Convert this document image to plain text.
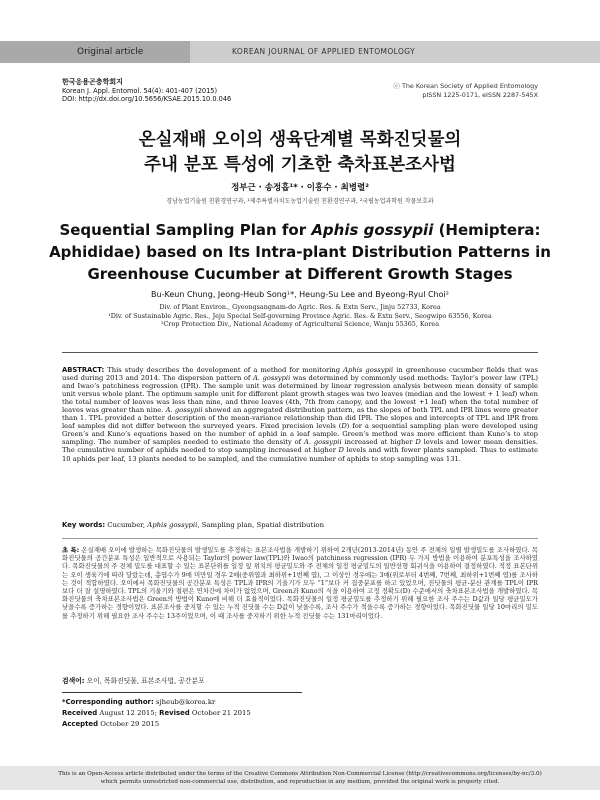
Original article	KOREAN JOURNAL OF APPLIED ENTOMOLOGY
한국응용곤충학회지
Korean J. Appl. Entomol. 54(4): 401-407 (2015)
DOI: http://dx.doi.org/10.5656/KSAE.2015.10.0.046
ⓒ The Korean Society of Applied Entomology
pISSN 1225-0171, eISSN 2287-545X
온실재배 오이의 생육단계별 목화진딧물의
주내 분포 특성에 기초한 축차표본조사법
정부근 · 송정흡¹* · 이흥수 · 최병렬²
경남농업기술원 친환경연구과, ¹제주특별자치도농업기술원 친환경연구과, ²국립농업과학원 작물보호과
Sequential Sampling Plan for Aphis gossypii (Hemiptera: Aphididae) based on Its Intra-plant Distribution Patterns in Greenhouse Cucumber at Different Growth Stages
Bu-Keun Chung, Jeong-Heub Song¹*, Heung-Su Lee and Byeong-Ryul Choi²
Div. of Plant Environ., Gyeongsangnam-do Agric. Res. & Extn Serv., Jinju 52733, Korea
¹Div. of Sustainable Agric. Res., Jeju Special Self-governing Province Agric. Res. & Extn Serv., Seogwipo 63556, Korea
²Crop Protection Div., National Academy of Agricultural Science, Wanju 55365, Korea
ABSTRACT: This study describes the development of a method for monitoring Aphis gossypii in greenhouse cucumber fields that was used during 2013 and 2014. The dispersion pattern of A. gossypii was determined by commonly used methods: Taylor’s power law (TPL) and Iwao’s patchiness regression (IPR). The sample unit was determined by linear regression analysis between mean density of sample unit versus whole plant. The optimum sample unit for different plant growth stages was two leaves (median and the lowest + 1 leaf) when the total number of leaves was less than nine, and three leaves (4th, 7th from canopy, and the lowest +1 leaf) when the total number of leaves was greater than nine. A. gossypii showed an aggregated distribution pattern, as the slopes of both TPL and IPR lines were greater than 1. TPL provided a better description of the mean-variance relationship than did IPR. The slopes and intercepts of TPL and IPR from leaf samples did not differ between the surveyed years. Fixed precision levels (D) for a sequential sampling plan were developed using Green’s and Kuno’s equations based on the number of aphid in a leaf sample. Green’s method was more efficient than Kuno’s to stop sampling. The number of samples needed to estimate the density of A. gossypii increased at higher D levels and lower mean densities. The cumulative number of aphids needed to stop sampling increased at higher D levels and with fewer plants sampled. Thus to estimate 10 aphids per leaf, 13 plants needed to be sampled, and the cumulative number of aphids to stop sampling was 131.
Key words: Cucumber, Aphis gossypii, Sampling plan, Spatial distribution
초 록: 온실재배 오이에 발생하는 목화진딧물의 발생밀도를 추정하는 표본조사법을 개발하기 위하여 2개년(2013-2014년) 동안 주 전체의 일별 발생밀도를 조사하였다. 목화진딧물의 공간분포 특성은 일반적으로 사용되는 Taylor의 power law(TPL)와 Iwao의 patchiness regression (IPR) 두 가지 방법을 이용하여 분포특성을 조사하였다. 목화진딧물의 주 전체 밀도를 대표할 수 있는 표본단위를 일정 잎 위치의 평균밀도와 주 전체의 일정 평균밀도의 일반선형 회귀식을 이용하여 결정하였다. 적정 표본단위는 오이 생육기에 따라 달랐는데, 총엽수가 9매 미만일 경우 2매(중위엽과 최하위+1번째 엽), 그 이상인 경우에는 3매(위로부터 4번째, 7번째, 최하위+1번째 엽)를 조사하는 것이 적합하였다. 오이에서 목화진딧물의 공간분포 특성은 TPL과 IPR의 기울기가 모두 “1”보다 커 집중분포를 하고 있었으며, 진딧물의 평균-분산 관계를 TPL이 IPR보다 더 잘 설명하였다. TPL의 기울기와 절편은 연차간에 차이가 없었으며, Green과 Kuno의 식을 이용하여 고정 정확도(D) 수준에서의 축차표본조사법을 개발하였다. 목화진딧물의 축차표본조사법은 Green의 방법이 Kuno에 비해 더 효율적이었다. 목화진딧물의 일정 평균밀도를 추정하기 위해 필요한 조사 주수는 D값과 일당 평균밀도가 낮을수록 증가하는 경향이었다. 표본조사를 중지할 수 있는 누적 진딧물 수는 D값이 낮을수록, 조사 주수가 적을수록 증가하는 경향이었다. 목화진딧물 일당 10마리의 밀도를 추정하기 위해 필요한 조사 주수는 13주이었으며, 이 때 조사를 중지하기 위한 누적 진딧물 수는 131마리이었다.
검색어: 오이, 목화진딧물, 표본조사법, 공간분포
*Corresponding author: sjheub@korea.kr
Received August 12 2015; Revised October 21 2015
Accepted October 29 2015
This is an Open-Access article distributed under the terms of the Creative Commons Attribution Non-Commercial License (http://creativecommons.org/licenses/by-nc/3.0)
which permits unrestricted non-commercial use, distribution, and reproduction in any medium, provided the original work is properly cited.
